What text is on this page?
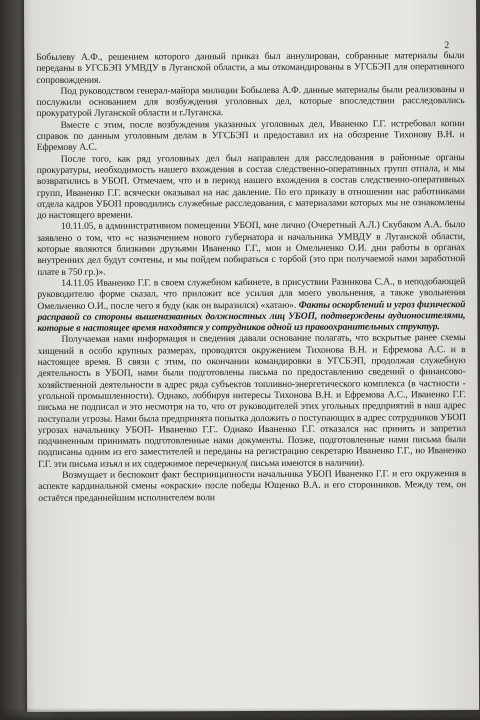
2

Бобылеву А.Ф., решением которого данный приказ был аннулирован, собранные материалы были переданы в УГСБЭП УМВДУ в Луганской области, а мы откомандированы в УГСБЭП для оперативного сопровождения.

Под руководством генерал-майора милиции Бобылева А.Ф. данные материалы были реализованы и послужили основанием для возбуждения уголовных дел, которые впоследствии расследовались прокуратурой Луганской области и г.Луганска.

Вместе с этим, после возбуждения указанных уголовных дел, Иваненко Г.Г. истребовал копии справок по данным уголовным делам в УГСБЭП и предоставил их на обозрение Тихонову В.Н. и Ефремову А.С.

После того, как ряд уголовных дел был направлен для расследования в районные органы прокуратуры, необходимость нашего вхождения в состав следственно-оперативных групп отпала, и мы возвратились в УБОП. Отмечаем, что и в период нашего вхождения в состав следственно-оперативных групп, Иваненко Г.Г. всячески оказывал на нас давление. По его приказу в отношении нас работниками отдела кадров УБОП проводились служебные расследования, с материалами которых мы не ознакомлены до настоящего времени.

10.11.05, в административном помещении УБОП, мне лично (Очеретный А.Л.) Скубаком А.А. было заявлено о том, что «с назначением нового губернатора и начальника УМВДУ в Луганской области, которые являются близкими друзьями Иваненко Г.Г., мои и Омельченко О.И. дни работы в органах внутренних дел будут сочтены, и мы пойдем побираться с торбой (это при получаемой нами заработной плате в 750 гр.)».

14.11.05 Иваненко Г.Г. в своем служебном кабинете, в присуствии Разинкова С.А., в неподобающей руководителю форме сказал, что приложит все усилия для моего увольнения, а также увольнения Омельченко О.И., после чего я буду (как он выразился) «хатаю». Факты оскорблений и угроз физической расправой со стороны вышеназванных должностных лиц УБОП, подтверждены аудионосителями, которые в настоящее время находятся у сотрудников одной из правоохранительных структур.

Получаемая нами информация и сведения давали основание полагать, что вскрытые ранее схемы хищений в особо крупных размерах, проводятся окружением Тихонова В.Н. и Ефремова А.С. и в настоящее время. В связи с этим, по окончании командировки в УГСБЭП, продолжая служебную деятельность в УБОП, нами были подготовлены письма по предоставлению сведений о финансово-хозяйственной деятельности в адрес ряда субъектов топливно-энергетического комплекса (в частности - угольной промышленности). Однако, лоббируя интересы Тихонова В.Н. и Ефремова А.С., Иваненко Г.Г. письма не подписал и это несмотря на то, что от руководителей этих угольных предприятий в наш адрес поступали угрозы. Нами была предпринята попытка доложить о поступающих в адрес сотрудников УБОП угрозах начальнику УБОП- Иваненко Г.Г.. Однако Иваненко Г.Г. отказался нас принять и запретил подчиненным принимать подготовленные нами документы. Позже, подготовленные нами письма были подписаны одним из его заместителей и переданы на регистрацию секретарю Иваненко Г.Г., но Иваненко Г.Г. эти письма изъял и их содержимое перечеркнул( письма имеются в наличии).

Возмущает и беспокоит факт беспринципности начальника УБОП Иваненко Г.Г. и его окружения в аспекте кардинальной смены «окраски» после победы Ющенко В.А. и его сторонников. Между тем, он остаётся преданнейшим исполнителем воли
